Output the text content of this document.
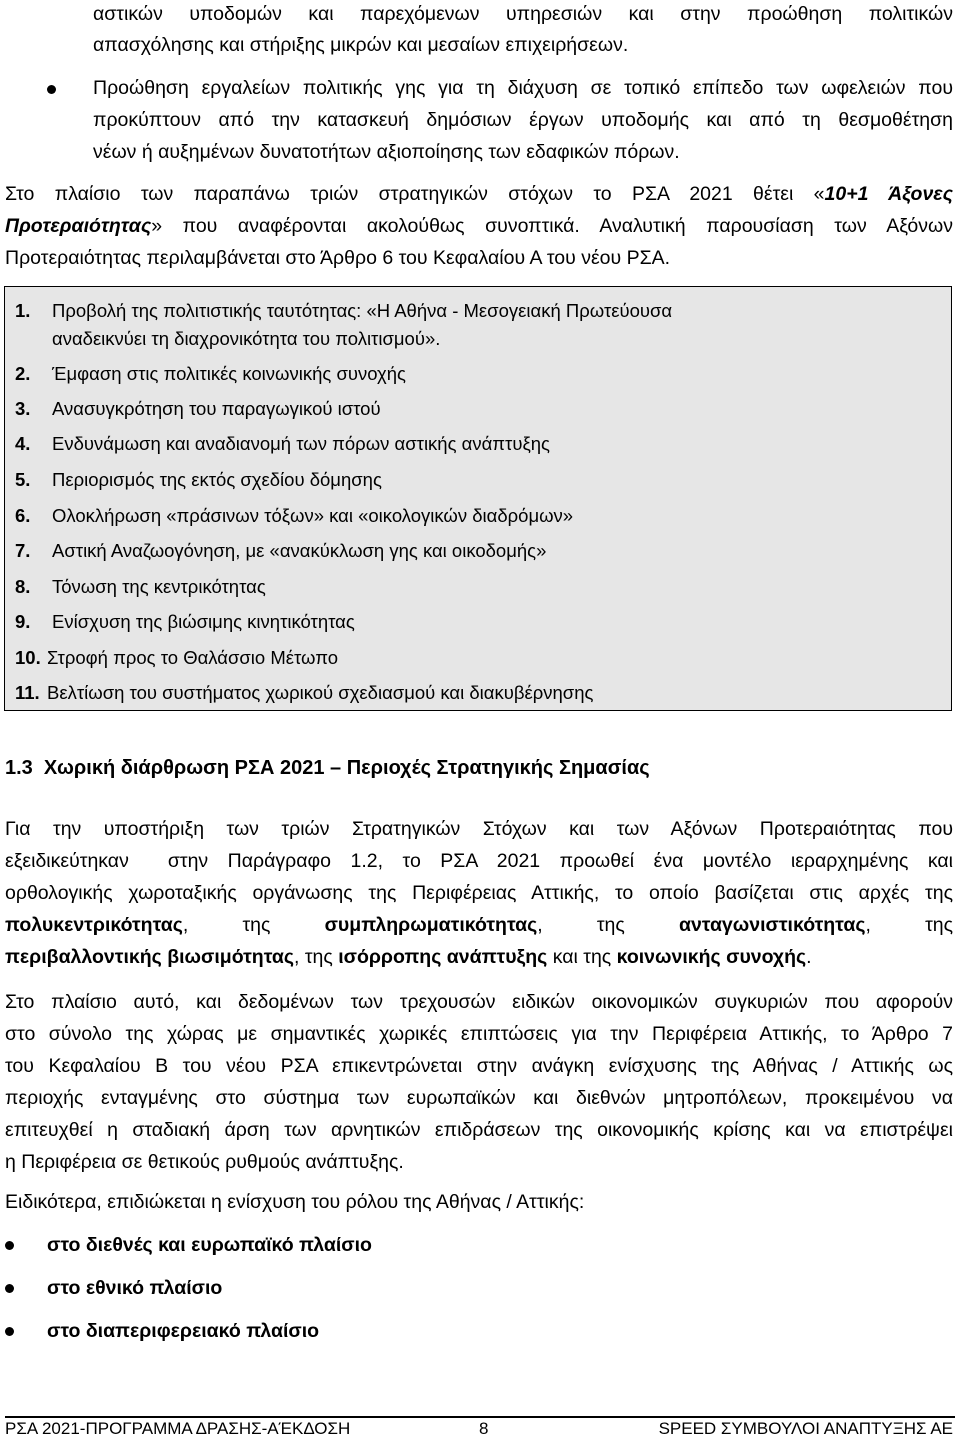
αστικών υποδομών και παρεχόμενων υπηρεσιών και στην προώθηση πολιτικών
απασχόλησης και στήριξης μικρών και μεσαίων επιχειρήσεων.
Προώθηση εργαλείων πολιτικής γης για τη διάχυση σε τοπικό επίπεδο των ωφελειών που
προκύπτουν από την κατασκευή δημόσιων έργων υποδομής και από τη θεσμοθέτηση
νέων ή αυξημένων δυνατοτήτων αξιοποίησης των εδαφικών πόρων.
Στο πλαίσιο των παραπάνω τριών στρατηγικών στόχων το ΡΣΑ 2021 θέτει «10+1 Άξονες
Προτεραιότητας» που αναφέρονται ακολούθως συνοπτικά. Αναλυτική παρουσίαση των Αξόνων
Προτεραιότητας περιλαμβάνεται στο Άρθρο 6 του Κεφαλαίου Α του νέου ΡΣΑ.
1. Προβολή της πολιτιστικής ταυτότητας: «Η Αθήνα - Μεσογειακή Πρωτεύουσα
αναδεικνύει τη διαχρονικότητα του πολιτισμού».
2. Έμφαση στις πολιτικές κοινωνικής συνοχής
3. Ανασυγκρότηση του παραγωγικού ιστού
4. Ενδυνάμωση και αναδιανομή των πόρων αστικής ανάπτυξης
5. Περιορισμός της εκτός σχεδίου δόμησης
6. Ολοκλήρωση «πράσινων τόξων» και «οικολογικών διαδρόμων»
7. Αστική Αναζωογόνηση, με «ανακύκλωση γης και οικοδομής»
8. Τόνωση της κεντρικότητας
9. Ενίσχυση της βιώσιμης κινητικότητας
10. Στροφή προς το Θαλάσσιο Μέτωπο
11. Βελτίωση του συστήματος χωρικού σχεδιασμού και διακυβέρνησης
1.3  Χωρική διάρθρωση ΡΣΑ 2021 – Περιοχές Στρατηγικής Σημασίας
Για την υποστήριξη των τριών Στρατηγικών Στόχων και των Αξόνων Προτεραιότητας που
εξειδικεύτηκαν  στην Παράγραφο 1.2, το ΡΣΑ 2021 προωθεί ένα μοντέλο ιεραρχημένης και
ορθολογικής χωροταξικής οργάνωσης της Περιφέρειας Αττικής, το οποίο βασίζεται στις αρχές της
πολυκεντρικότητας, της	συμπληρωματικότητας, της	ανταγωνιστικότητας, της
περιβαλλοντικής βιωσιμότητας, της ισόρροπης ανάπτυξης και της κοινωνικής συνοχής.
Στο πλαίσιο αυτό, και δεδομένων των τρεχουσών ειδικών οικονομικών συγκυριών που αφορούν
στο σύνολο της χώρας με σημαντικές χωρικές επιπτώσεις για την Περιφέρεια Αττικής, το Άρθρο 7
του Κεφαλαίου Β του νέου ΡΣΑ επικεντρώνεται στην ανάγκη ενίσχυσης της Αθήνας / Αττικής ως
περιοχής ενταγμένης στο σύστημα των ευρωπαϊκών και διεθνών μητροπόλεων, προκειμένου να
επιτευχθεί η σταδιακή άρση των αρνητικών επιδράσεων της οικονομικής κρίσης και να επιστρέψει
η Περιφέρεια σε θετικούς ρυθμούς ανάπτυξης.
Ειδικότερα, επιδιώκεται η ενίσχυση του ρόλου της Αθήνας / Αττικής:
στο διεθνές και ευρωπαϊκό πλαίσιο
στο εθνικό πλαίσιο
στο διαπεριφερειακό πλαίσιο
ΡΣΑ 2021-ΠΡΟΓΡΑΜΜΑ ΔΡΑΣΗΣ-ΑΈΚΔΟΣΗ	8	SPEED ΣΥΜΒΟΥΛΟΙ ΑΝΑΠΤΥΞΗΣ ΑΕ
